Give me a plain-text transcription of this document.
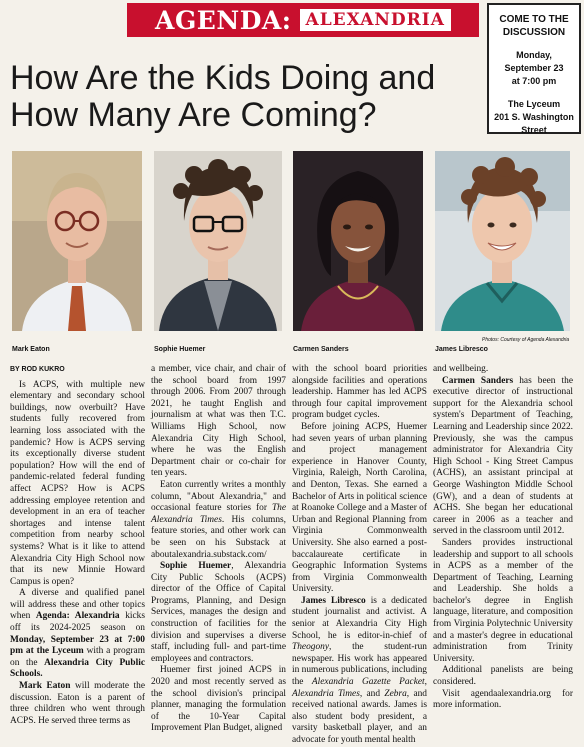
AGENDA: ALEXANDRIA	COME TO THE
DISCUSSION
Monday,
September 23
at 7:00 pm
The Lyceum
201 S. Washington
Street
How Are the Kids Doing and How Many Are Coming?
Photos: Courtesy of Agenda Alexandria
Mark Eaton	Sophie Huemer	Carmen Sanders	James Libresco
BY ROD KUKRO

Is ACPS, with multiple new elementary and secondary school buildings, now overbuilt? Have students fully recovered from learning loss associated with the pandemic? How is ACPS serving its exceptionally diverse student population? How will the end of pandemic-related federal funding affect ACPS? How is ACPS addressing employee retention and development in an era of teacher shortages and intense talent competition from nearby school systems? What is it like to attend Alexandria City High School now that its new Minnie Howard Campus is open?

A diverse and qualified panel will address these and other topics when Agenda: Alexandria kicks off its 2024-2025 season on Monday, September 23 at 7:00 pm at the Lyceum with a program on the Alexandria City Public Schools.

Mark Eaton will moderate the discussion. Eaton is a parent of three children who went through ACPS. He served three terms as

a member, vice chair, and chair of the school board from 1997 through 2006. From 2007 through 2021, he taught English and journalism at what was then T.C. Williams High School, now Alexandria City High School, where he was the English Department chair or co-chair for ten years.

Eaton currently writes a monthly column, "About Alexandria," and occasional feature stories for The Alexandria Times. His columns, feature stories, and other work can be seen on his Substack at aboutalexandria.substack.com/

Sophie Huemer, Alexandria City Public Schools (ACPS) director of the Office of Capital Programs, Planning, and Design Services, manages the design and construction of facilities for the division and supervises a diverse staff, including full- and part-time employees and contractors.

Huemer first joined ACPS in 2020 and most recently served as the school division's principal planner, managing the formulation of the 10-Year Capital Improvement Plan Budget, aligned

with the school board priorities alongside facilities and operations leadership. Hammer has led ACPS through four capital improvement program budget cycles.

Before joining ACPS, Huemer had seven years of urban planning and project management experience in Hanover County, Virginia, Raleigh, North Carolina, and Denton, Texas. She earned a Bachelor of Arts in political science at Roanoke College and a Master of Urban and Regional Planning from Virginia Commonwealth University. She also earned a post-baccalaureate certificate in Geographic Information Systems from Virginia Commonwealth University.

James Libresco is a dedicated student journalist and activist. A senior at Alexandria City High School, he is editor-in-chief of Theogony, the student-run newspaper. His work has appeared in numerous publications, including the Alexandria Gazette Packet, Alexandria Times, and Zebra, and received national awards. James is also student body president, a varsity basketball player, and an advocate for youth mental health

and wellbeing.

Carmen Sanders has been the executive director of instructional support for the Alexandria school system's Department of Teaching, Learning and Leadership since 2022. Previously, she was the campus administrator for Alexandria City High School - King Street Campus (ACHS), an assistant principal at George Washington Middle School (GW), and a dean of students at ACHS. She began her educational career in 2006 as a teacher and served in the classroom until 2012.

Sanders provides instructional leadership and support to all schools in ACPS as a member of the Department of Teaching, Learning and Leadership. She holds a bachelor's degree in English language, literature, and composition from Virginia Polytechnic University and a master's degree in educational administration from Trinity University.

Additional panelists are being considered.

Visit agendaalexandria.org for more information.
